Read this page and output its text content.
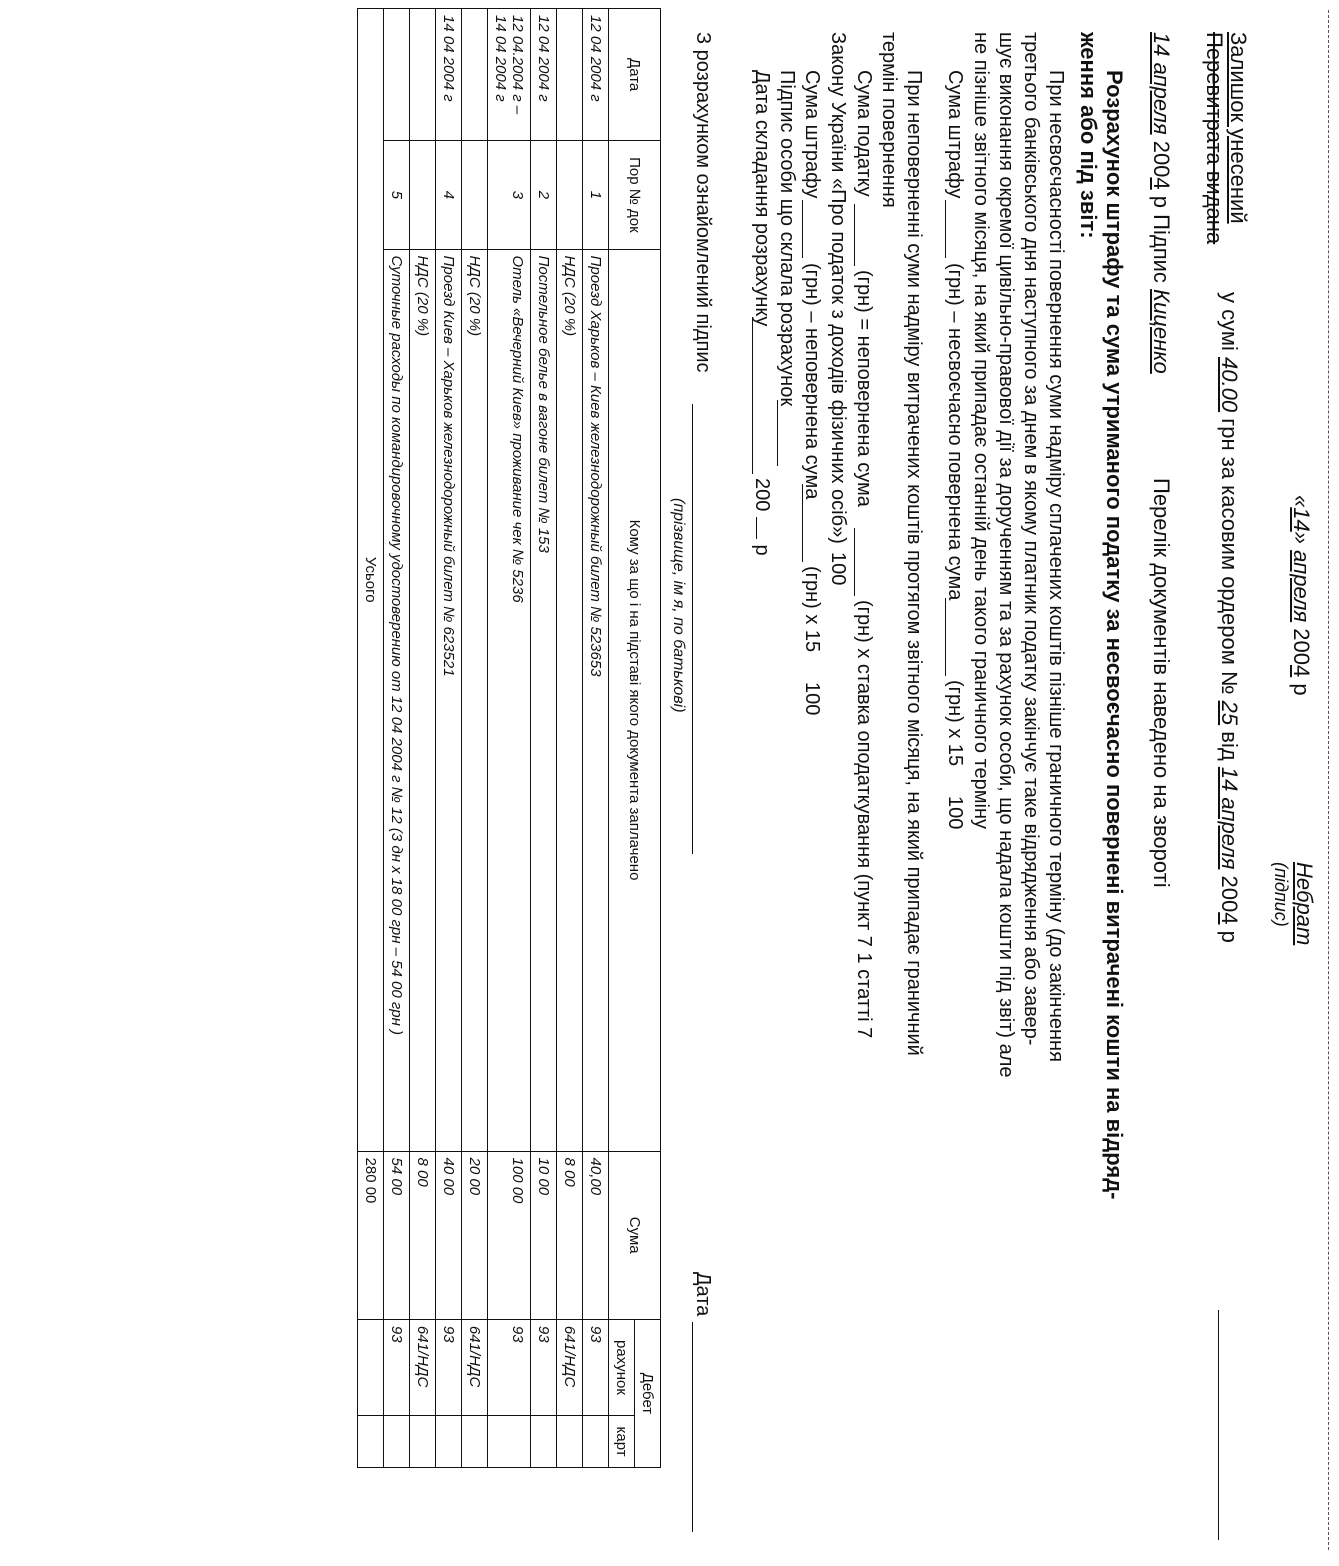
«14» апреля 2004 р
Небрат
(підпис)
Залишок унесений
Перевитрата видана
у сумі 40.00 грн за касовим ордером № 25 від 14 апреля 2004 р
14 апреля 2004 р Підпис Киценко
Перелік документів наведено на звороті
Розрахунок штрафу та сума утриманого податку за несвоєчасно повернені витрачені кошти на відряд-
ження або під звіт:
При несвоєчасності повернення суми надміру сплачених коштів пізніше граничного терміну (до закінчення
третього банківського дня наступного за днем в якому платник податку закінчує таке відрядження або завер-
шує виконання окремої цивільно-правової дії за дорученням та за рахунок особи, що надала кошти під звіт) але
не пізніше звітного місяця, на який припадає останній день такого граничного терміну
Сума штрафу
(грн) – несвоєчасно повернена сума
(грн) х 15
100
При неповерненні суми надміру витрачених коштів протягом звітного місяця, на який припадає граничний
термін повернення
Сума податку
(грн) = неповернена сума
(грн) х ставка оподаткування (пункт 7 1 статті 7
Закону України «Про податок з доходів фізичних осіб»)
100
Сума штрафу
(грн) – неповернена сума
(грн) х 15
100
Підпис особи що склала розрахунок
Дата складання розрахунку
200  р
З розрахунком ознайомлений підпис
(прізвище, ім я, по батькові)
Дата
Дата	Пор № док	Кому за що і на підставі якого документа заплачено	Сума	Дебет	
				рахунок	карт
12 04 2004 г	1	Проезд Харьков – Киев железнодорожный билет № 523653	40,00	93	
		НДС (20 %)	8 00	641/НДС	
12 04 2004 г	2	Постельное белье в вагоне билет № 153	10 00	93	
12 04.2004 г – 14 04 2004 г	3	Отель «Вечерний Киев» проживание чек № 5236	100 00	93	
		НДС (20 %)	20 00	641/НДС	
14 04 2004 г	4	Проезд Киев – Харьков железнодорожный билет № 623521	40 00	93	
		НДС (20 %)	8 00	641/НДС	
	5	Суточные расходы по командировочному удостоверению от 12 04 2004 г № 12 (3 дн х 18 00 грн – 54 00 грн )	54 00	93	
Усього			280 00		
